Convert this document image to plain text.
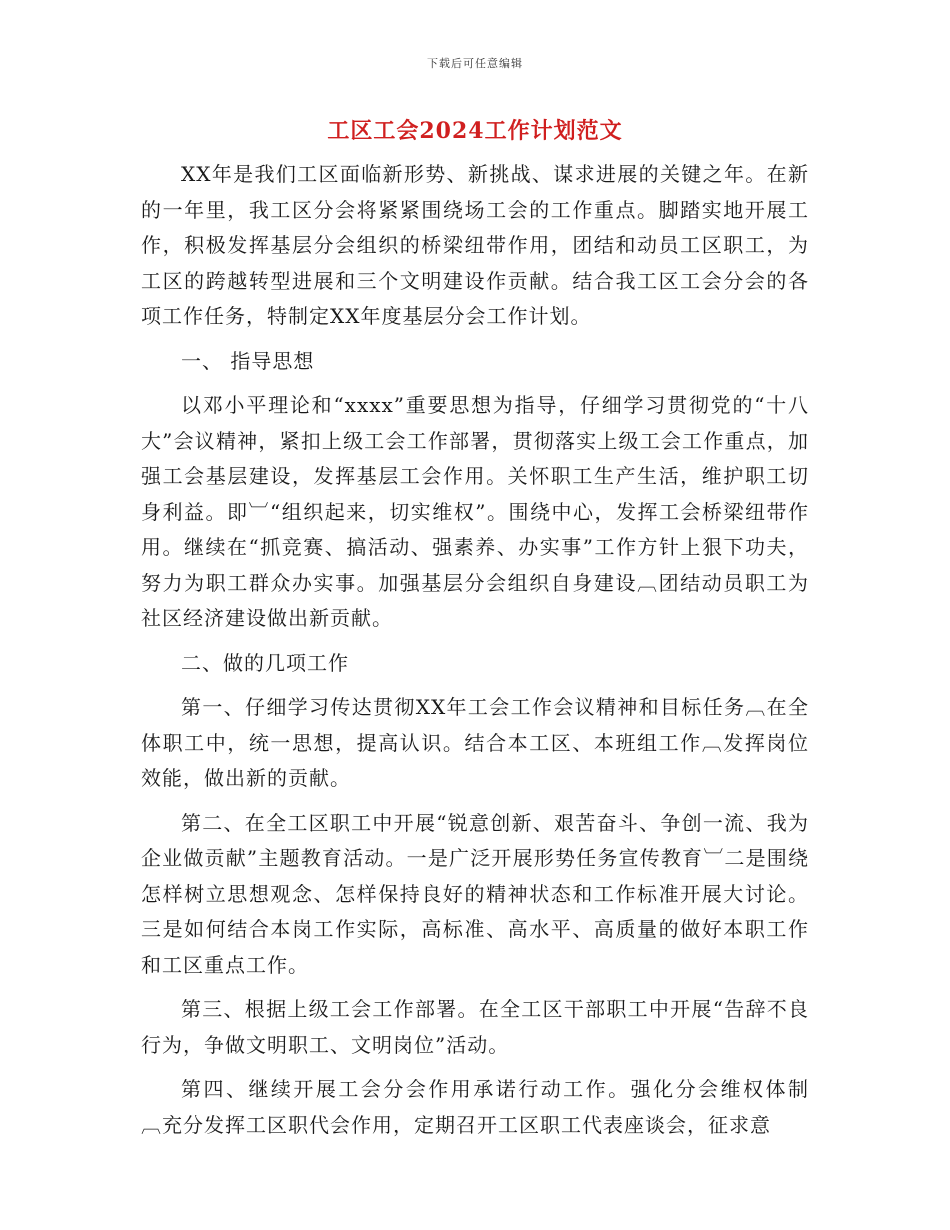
下载后可任意编辑
工区工会2024工作计划范文

XX年是我们工区面临新形势、新挑战、谋求进展的关键之年。在新的一年里，我工区分会将紧紧围绕场工会的工作重点。脚踏实地开展工作，积极发挥基层分会组织的桥梁纽带作用，团结和动员工区职工，为工区的跨越转型进展和三个文明建设作贡献。结合我工区工会分会的各项工作任务，特制定XX年度基层分会工作计划。

一、 指导思想

以邓小平理论和“xxxx”重要思想为指导，仔细学习贯彻党的“十八大”会议精神，紧扣上级工会工作部署，贯彻落实上级工会工作重点，加强工会基层建设，发挥基层工会作用。关怀职工生产生活，维护职工切身利益。即︺“组织起来，切实维权”。围绕中心，发挥工会桥梁纽带作用。继续在“抓竞赛、搞活动、强素养、办实事”工作方针上狠下功夫，努力为职工群众办实事。加强基层分会组织自身建设︹团结动员职工为社区经济建设做出新贡献。

二、做的几项工作

第一、仔细学习传达贯彻XX年工会工作会议精神和目标任务︹在全体职工中，统一思想，提高认识。结合本工区、本班组工作︹发挥岗位效能，做出新的贡献。

第二、在全工区职工中开展“锐意创新、艰苦奋斗、争创一流、我为企业做贡献”主题教育活动。一是广泛开展形势任务宣传教育︺二是围绕怎样树立思想观念、怎样保持良好的精神状态和工作标准开展大讨论。三是如何结合本岗工作实际，高标准、高水平、高质量的做好本职工作和工区重点工作。

第三、根据上级工会工作部署。在全工区干部职工中开展“告辞不良行为，争做文明职工、文明岗位”活动。

第四、继续开展工会分会作用承诺行动工作。强化分会维权体制︹充分发挥工区职代会作用，定期召开工区职工代表座谈会，征求意
